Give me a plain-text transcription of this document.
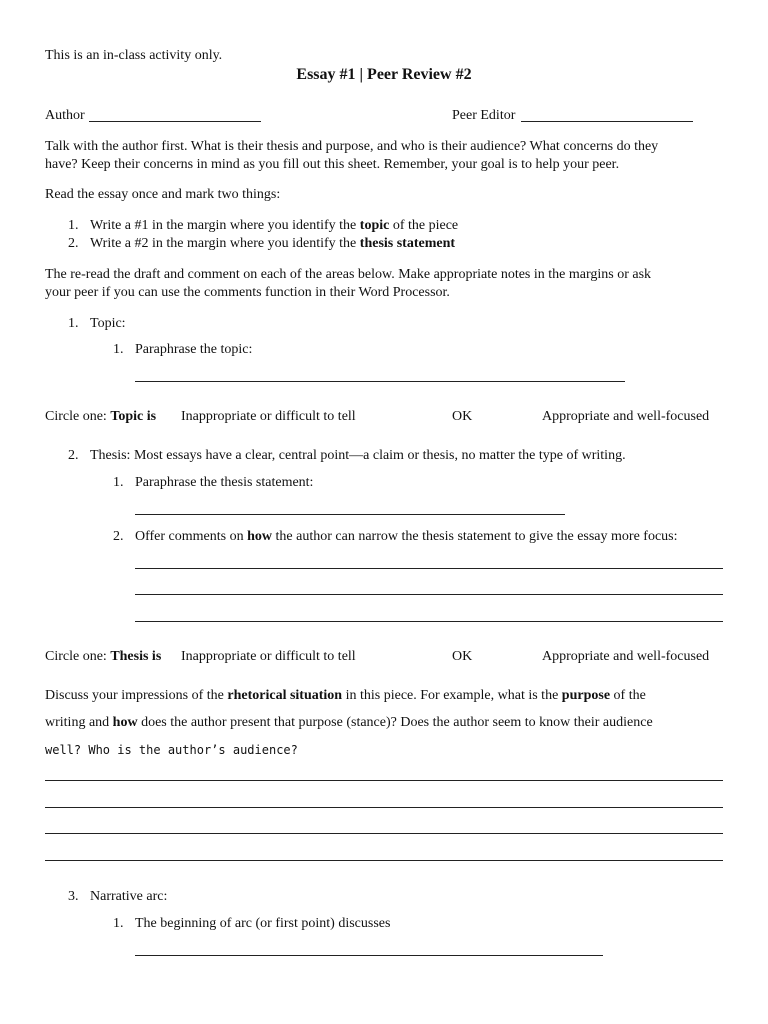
This is an in-class activity only.
Essay #1 | Peer Review #2
Author	Peer Editor
Talk with the author first. What is their thesis and purpose, and who is their audience? What concerns do they
have? Keep their concerns in mind as you fill out this sheet. Remember, your goal is to help your peer.
Read the essay once and mark two things:
1. Write a #1 in the margin where you identify the topic of the piece
2. Write a #2 in the margin where you identify the thesis statement
The re-read the draft and comment on each of the areas below. Make appropriate notes in the margins or ask
your peer if you can use the comments function in their Word Processor.
1. Topic:
1. Paraphrase the topic:
Circle one: Topic is Inappropriate or difficult to tell	OK	Appropriate and well-focused
2. Thesis: Most essays have a clear, central point—a claim or thesis, no matter the type of writing.
1. Paraphrase the thesis statement:
2. Offer comments on how the author can narrow the thesis statement to give the essay more focus:
Circle one: Thesis is Inappropriate or difficult to tell	OK	Appropriate and well-focused
Discuss your impressions of the rhetorical situation in this piece. For example, what is the purpose of the
writing and how does the author present that purpose (stance)? Does the author seem to know their audience
well? Who is the author’s audience?
3. Narrative arc:
1. The beginning of arc (or first point) discusses
